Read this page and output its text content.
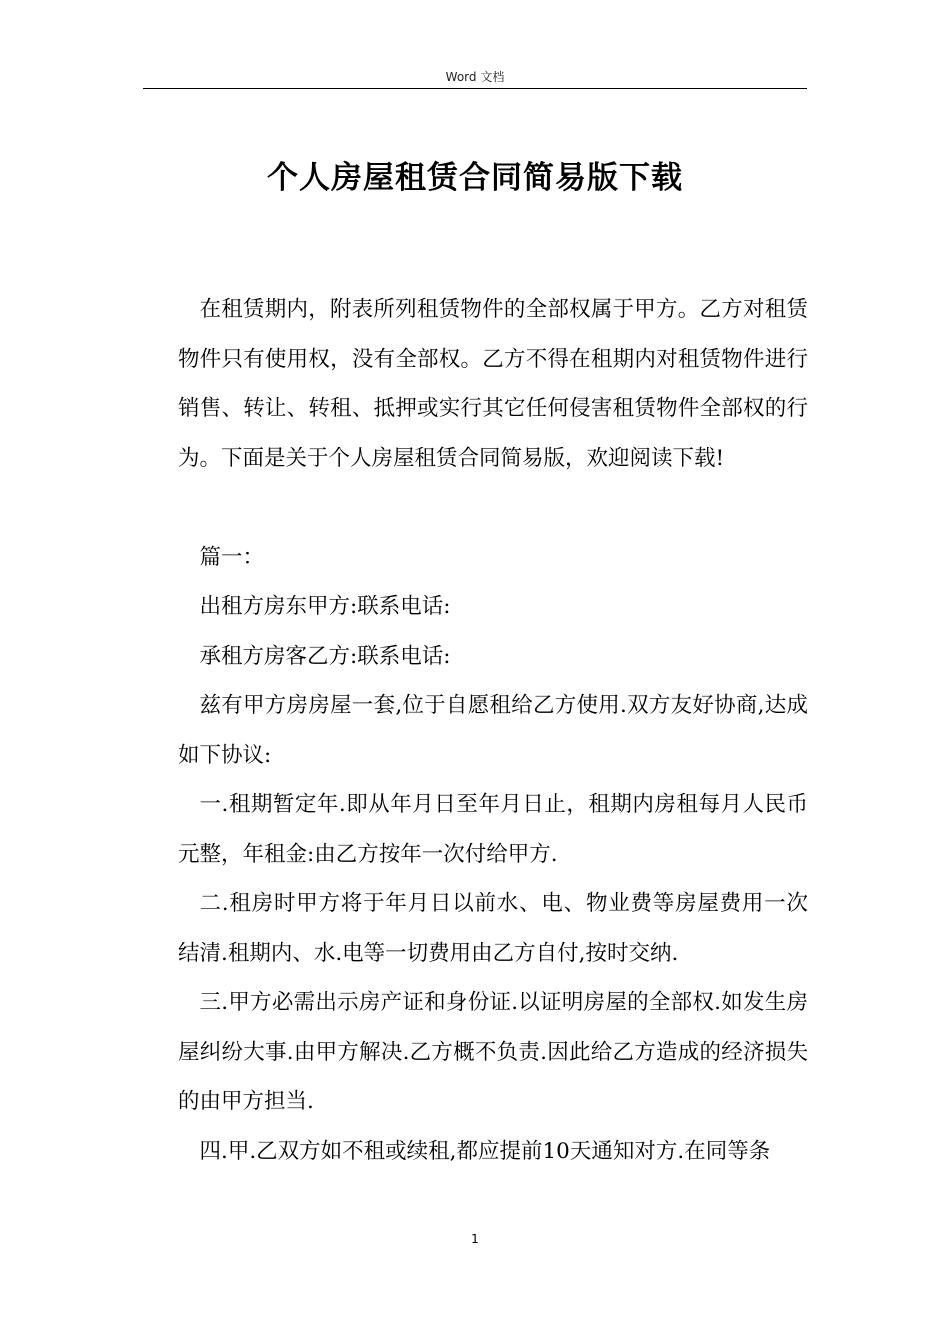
Word 文档
个人房屋租赁合同简易版下载

在租赁期内，附表所列租赁物件的全部权属于甲方。乙方对租赁物件只有使用权，没有全部权。乙方不得在租期内对租赁物件进行销售、转让、转租、抵押或实行其它任何侵害租赁物件全部权的行为。下面是关于个人房屋租赁合同简易版，欢迎阅读下载!

篇一：

出租方房东甲方:联系电话:

承租方房客乙方:联系电话:

兹有甲方房房屋一套,位于自愿租给乙方使用.双方友好协商,达成如下协议:

一.租期暂定年.即从年月日至年月日止，租期内房租每月人民币元整，年租金:由乙方按年一次付给甲方.

二.租房时甲方将于年月日以前水、电、物业费等房屋费用一次结清.租期内、水.电等一切费用由乙方自付,按时交纳.

三.甲方必需出示房产证和身份证.以证明房屋的全部权.如发生房屋纠纷大事.由甲方解决.乙方概不负责.因此给乙方造成的经济损失的由甲方担当.

四.甲.乙双方如不租或续租,都应提前10天通知对方.在同等条

1
